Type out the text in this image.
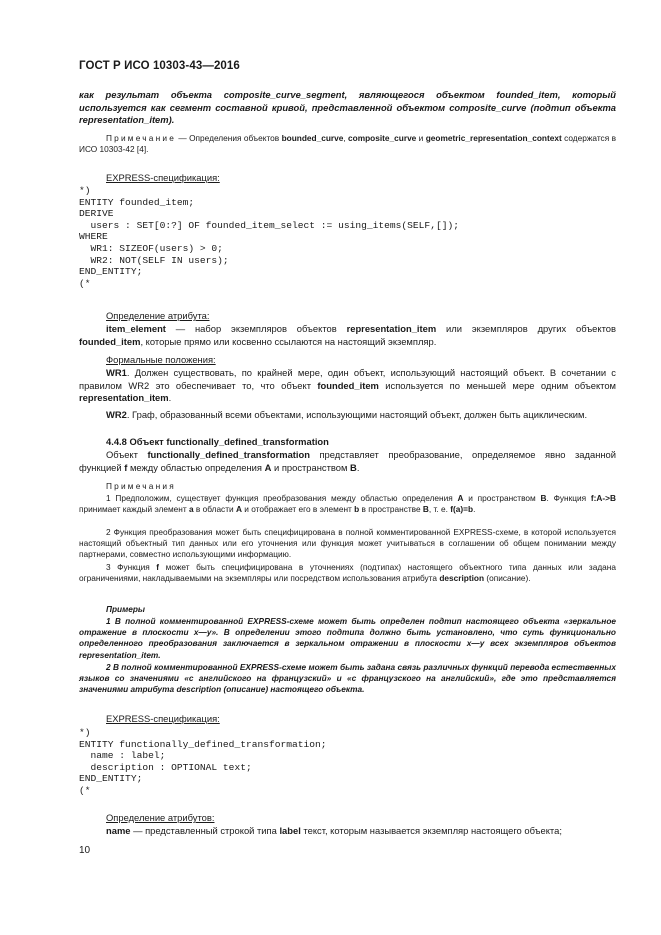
ГОСТ Р ИСО 10303-43—2016

как результат объекта composite_curve_segment, являющегося объектом founded_item, который используется как сегмент составной кривой, представленной объектом composite_curve (подтип объекта representation_item).

Примечание — Определения объектов bounded_curve, composite_curve и geometric_representation_context содержатся в ИСО 10303-42 [4].

EXPRESS-спецификация:
*)
ENTITY founded_item;
DERIVE
users : SET[0:?] OF founded_item_select := using_items(SELF,[]);
WHERE
WR1: SIZEOF(users) > 0;
WR2: NOT(SELF IN users);
END_ENTITY;
(*
Определение атрибута:

item_element — набор экземпляров объектов representation_item или экземпляров других объектов founded_item, которые прямо или косвенно ссылаются на настоящий экземпляр.

Формальные положения:

WR1. Должен существовать, по крайней мере, один объект, использующий настоящий объект. В сочетании с правилом WR2 это обеспечивает то, что объект founded_item используется по меньшей мере одним объектом representation_item.

WR2. Граф, образованный всеми объектами, использующими настоящий объект, должен быть ациклическим.

4.4.8 Объект functionally_defined_transformation

Объект functionally_defined_transformation представляет преобразование, определяемое явно заданной функцией f между областью определения A и пространством B.

Примечания

1 Предположим, существует функция преобразования между областью определения A и пространством B. Функция f:A->B принимает каждый элемент a в области A и отображает его в элемент b в пространстве B, т. е. f(a)=b.

2 Функция преобразования может быть специфицирована в полной комментированной EXPRESS-схеме, в которой используется настоящий объектный тип данных или его уточнения или функция может учитываться в соглашении об общем понимании между партнерами, совместно использующими информацию.

3 Функция f может быть специфицирована в уточнениях (подтипах) настоящего объектного типа данных или задана ограничениями, накладываемыми на экземпляры или посредством использования атрибута description (описание).

Примеры

1 В полной комментированной EXPRESS-схеме может быть определен подтип настоящего объекта «зеркальное отражение в плоскости x—y». В определении этого подтипа должно быть установлено, что суть функционально определенного преобразования заключается в зеркальном отражении в плоскости x—y всех экземпляров объектов representation_item.

2 В полной комментированной EXPRESS-схеме может быть задана связь различных функций перевода естественных языков со значениями «с английского на французский» и «с французского на английский», где это представляется значениями атрибута description (описание) настоящего объекта.

EXPRESS-спецификация:
*)
ENTITY functionally_defined_transformation;
name : label;
description : OPTIONAL text;
END_ENTITY;
(*
Определение атрибутов:

name — представленный строкой типа label текст, которым называется экземпляр настоящего объекта;

10
